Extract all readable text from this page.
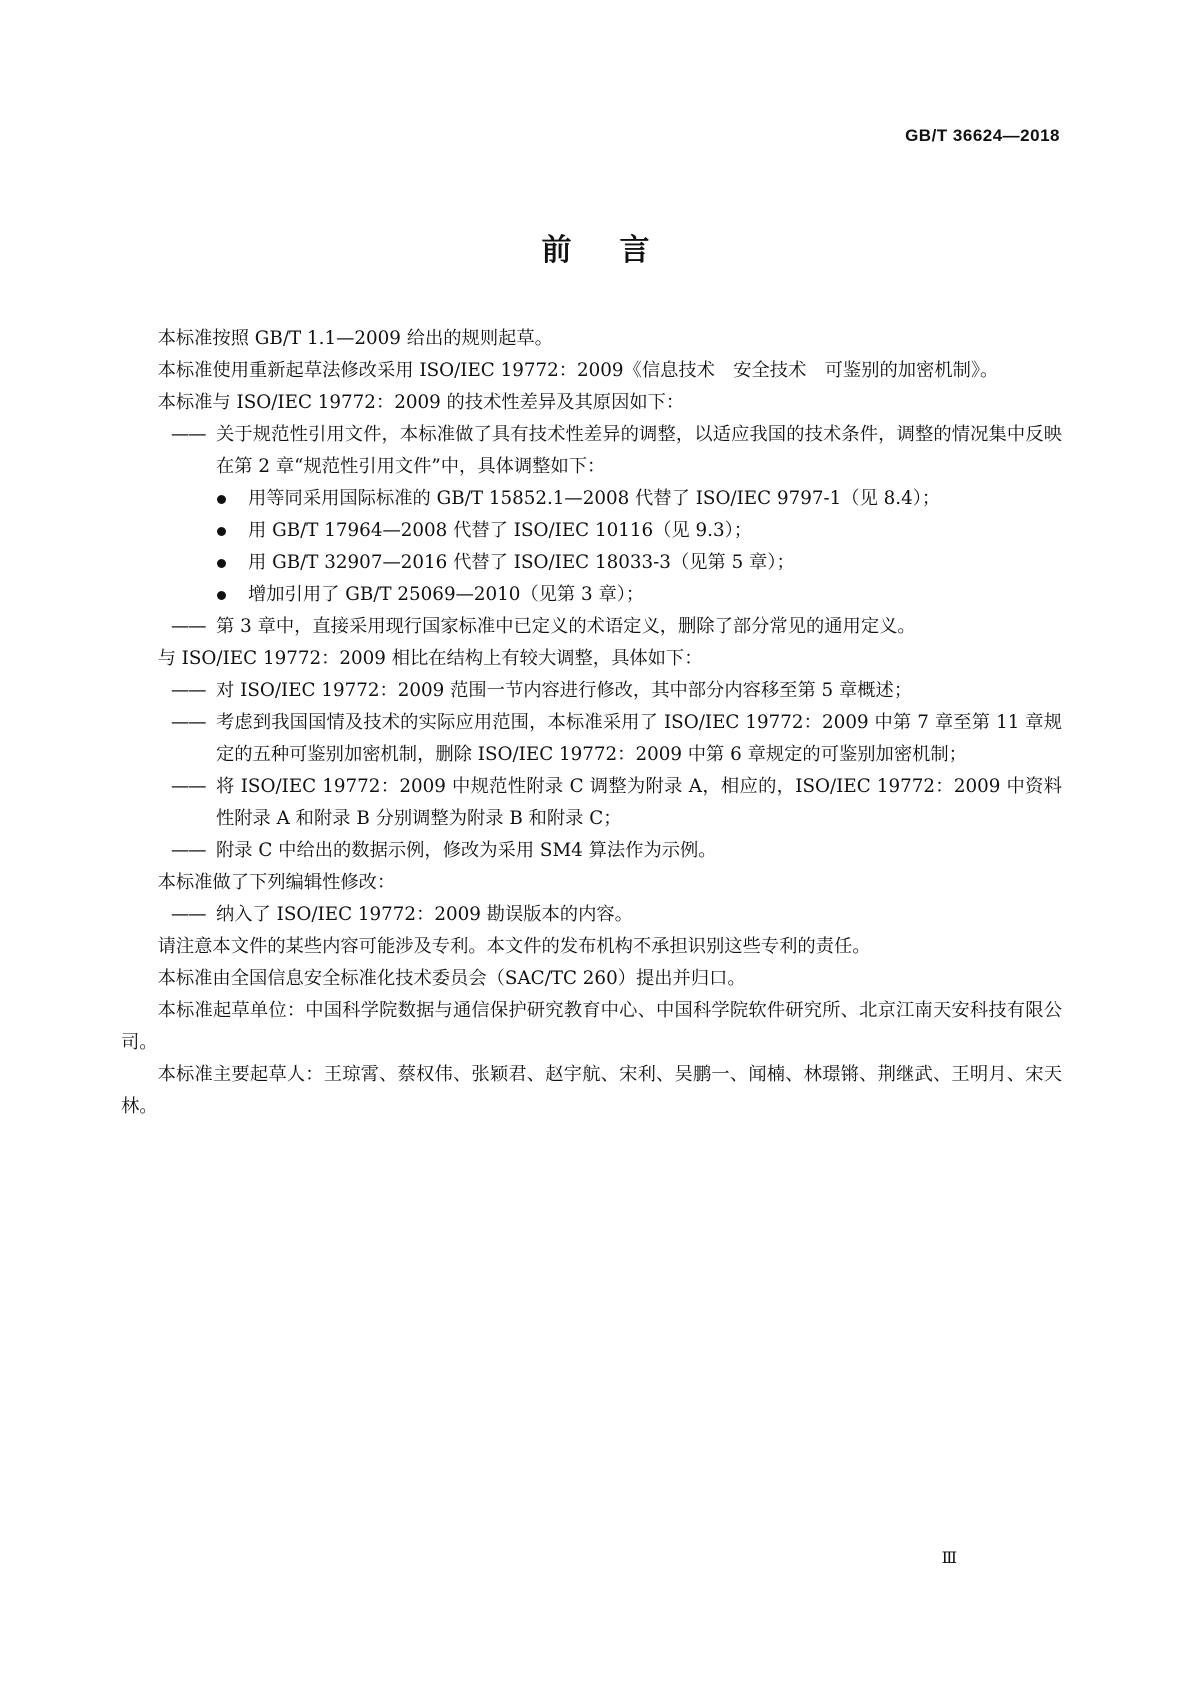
GB/T 36624—2018
前言

本标准按照 GB/T 1.1—2009 给出的规则起草。

本标准使用重新起草法修改采用 ISO/IEC 19772：2009《信息技术　安全技术　可鉴别的加密机制》。

本标准与 ISO/IEC 19772：2009 的技术性差异及其原因如下：

—— 关于规范性引用文件，本标准做了具有技术性差异的调整，以适应我国的技术条件，调整的情况集中反映在第 2 章“规范性引用文件”中，具体调整如下：
用等同采用国际标准的 GB/T 15852.1—2008 代替了 ISO/IEC 9797-1（见 8.4）；
用 GB/T 17964—2008 代替了 ISO/IEC 10116（见 9.3）；
用 GB/T 32907—2016 代替了 ISO/IEC 18033-3（见第 5 章）；
增加引用了 GB/T 25069—2010（见第 3 章）；
—— 第 3 章中，直接采用现行国家标准中已定义的术语定义，删除了部分常见的通用定义。

与 ISO/IEC 19772：2009 相比在结构上有较大调整，具体如下：

—— 对 ISO/IEC 19772：2009 范围一节内容进行修改，其中部分内容移至第 5 章概述；
—— 考虑到我国国情及技术的实际应用范围，本标准采用了 ISO/IEC 19772：2009 中第 7 章至第 11 章规定的五种可鉴别加密机制，删除 ISO/IEC 19772：2009 中第 6 章规定的可鉴别加密机制；
—— 将 ISO/IEC 19772：2009 中规范性附录 C 调整为附录 A，相应的，ISO/IEC 19772：2009 中资料性附录 A 和附录 B 分别调整为附录 B 和附录 C；
—— 附录 C 中给出的数据示例，修改为采用 SM4 算法作为示例。

本标准做了下列编辑性修改：

—— 纳入了 ISO/IEC 19772：2009 勘误版本的内容。

请注意本文件的某些内容可能涉及专利。本文件的发布机构不承担识别这些专利的责任。

本标准由全国信息安全标准化技术委员会（SAC/TC 260）提出并归口。

本标准起草单位：中国科学院数据与通信保护研究教育中心、中国科学院软件研究所、北京江南天安科技有限公司。

本标准主要起草人：王琼霄、蔡权伟、张颖君、赵宇航、宋利、吴鹏一、闻楠、林璟锵、荆继武、王明月、宋天林。

Ⅲ
